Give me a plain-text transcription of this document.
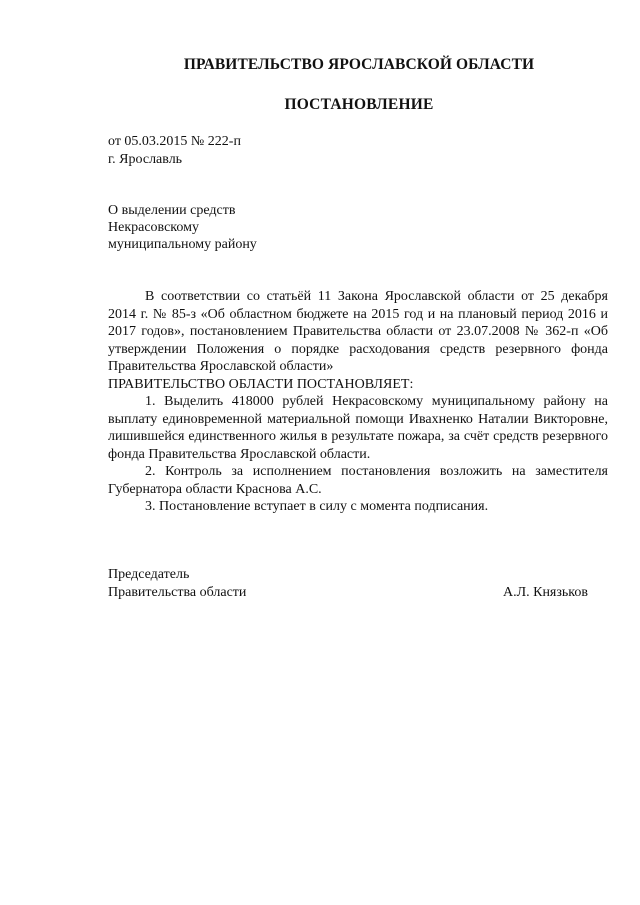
ПРАВИТЕЛЬСТВО ЯРОСЛАВСКОЙ ОБЛАСТИ
ПОСТАНОВЛЕНИЕ
от 05.03.2015 № 222-п
г. Ярославль
О выделении средств
Некрасовскому
муниципальному району

В соответствии со статьёй 11 Закона Ярославской области от 25 декабря 2014 г. № 85-з «Об областном бюджете на 2015 год и на плановый период 2016 и 2017 годов», постановлением Правительства области от 23.07.2008 № 362-п «Об утверждении Положения о порядке расходования средств резервного фонда Правительства Ярославской области»

ПРАВИТЕЛЬСТВО ОБЛАСТИ ПОСТАНОВЛЯЕТ:

1. Выделить 418000 рублей Некрасовскому муниципальному району на выплату единовременной материальной помощи Ивахненко Наталии Викторовне, лишившейся единственного жилья в результате пожара, за счёт средств резервного фонда Правительства Ярославской области.

2. Контроль за исполнением постановления возложить на заместителя Губернатора области Краснова А.С.

3. Постановление вступает в силу с момента подписания.

Председатель
Правительства области	А.Л. Князьков
